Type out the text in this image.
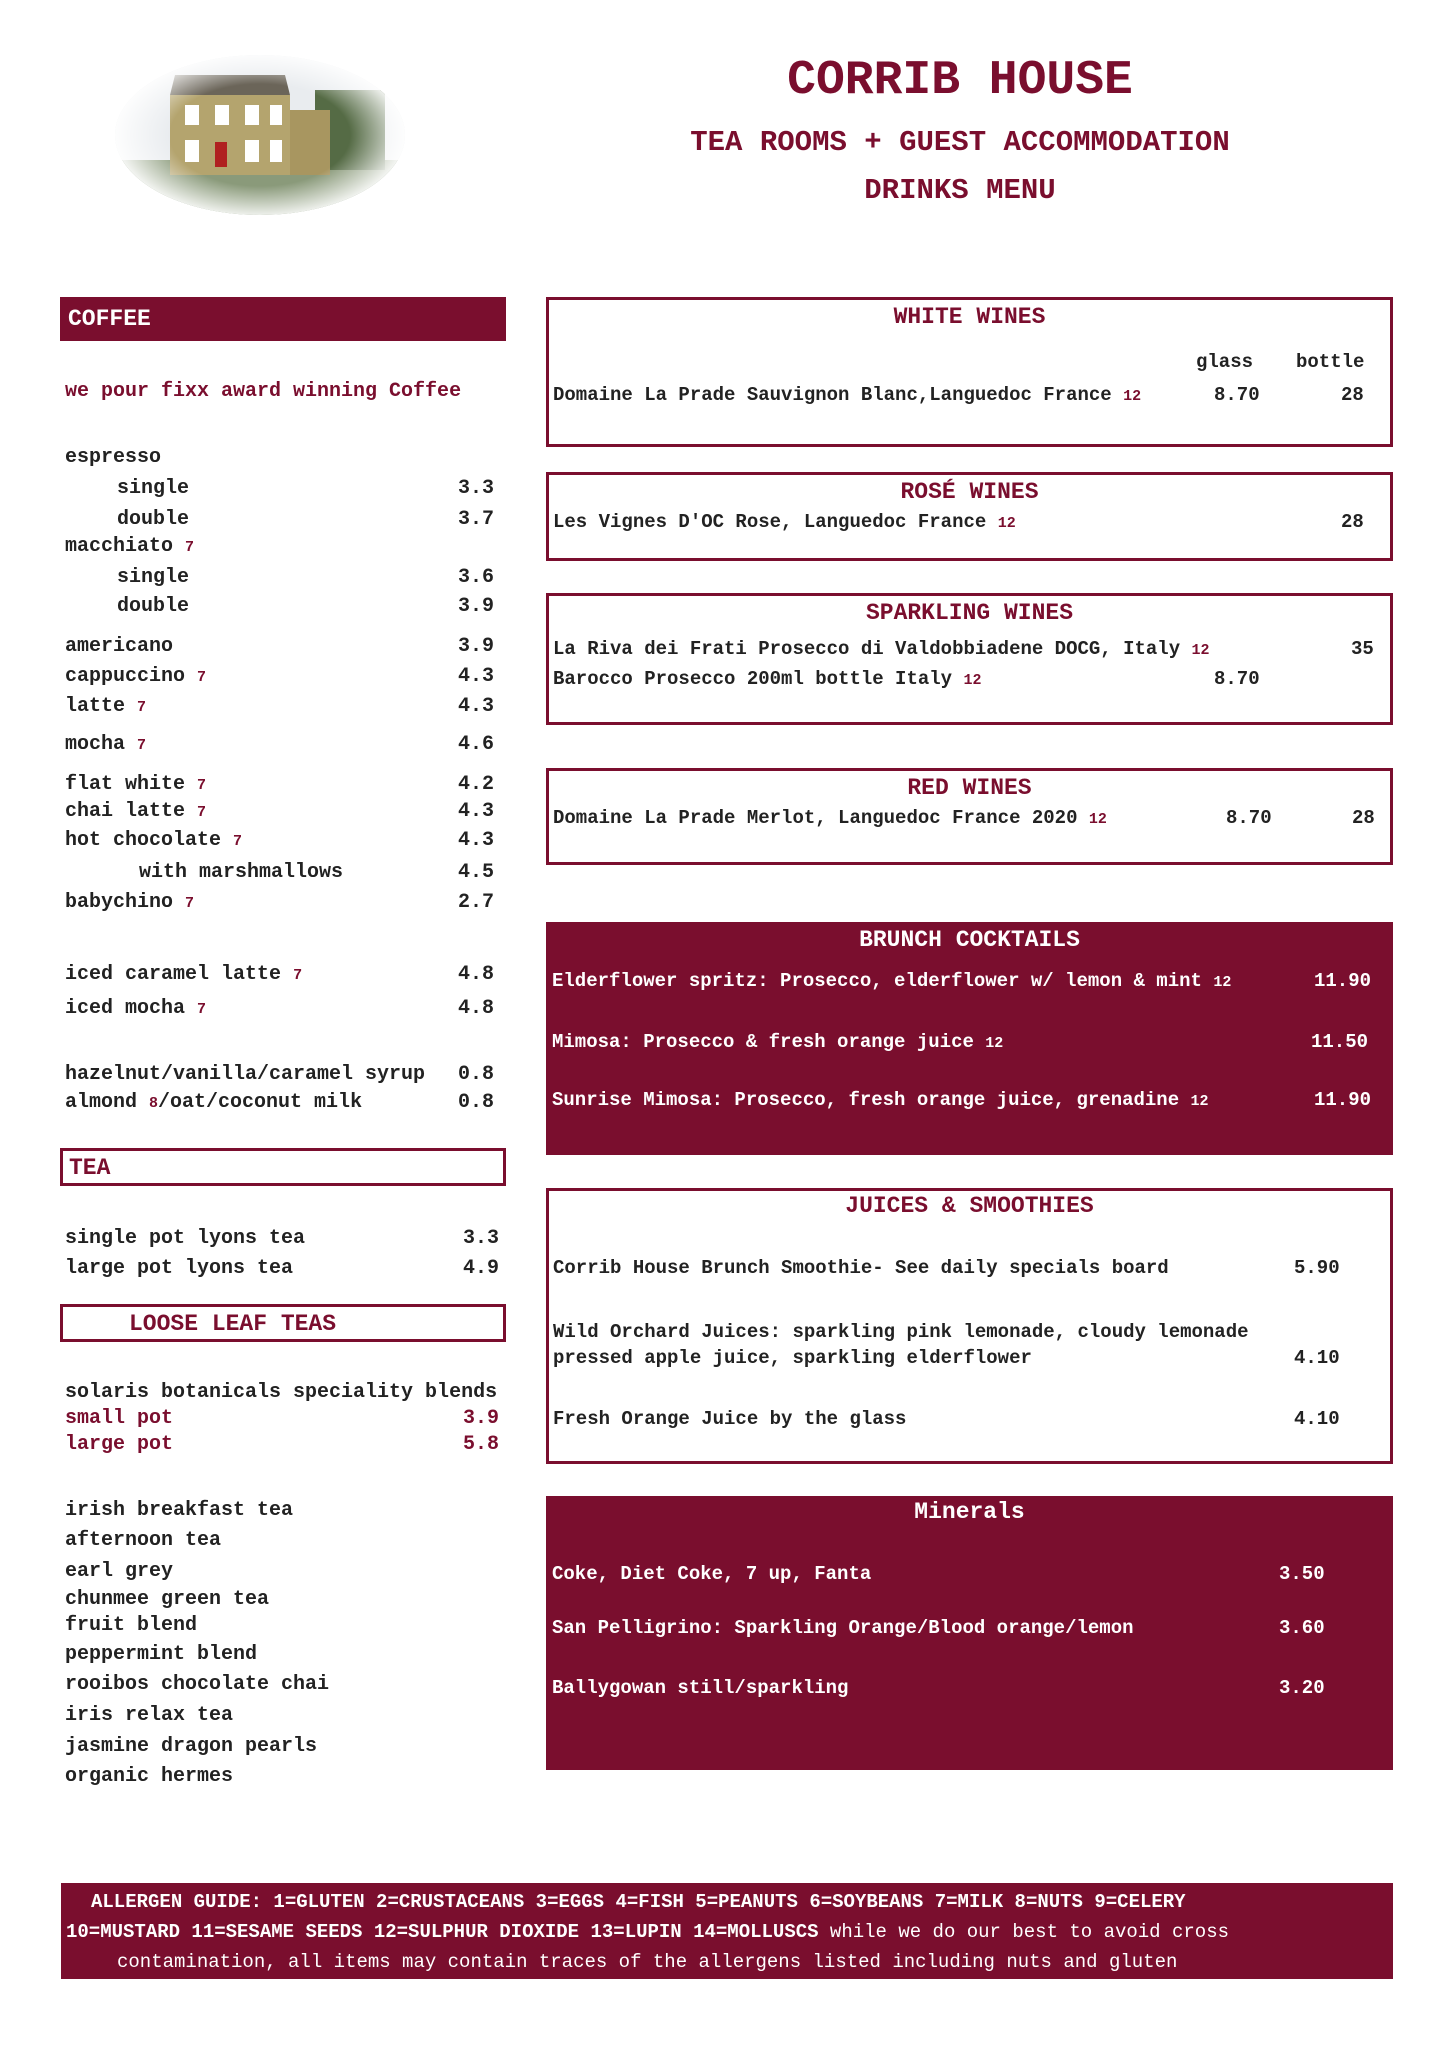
CORRIB HOUSE
TEA ROOMS + GUEST ACCOMMODATION
DRINKS MENU
COFFEE
we pour fixx award winning Coffee
espresso
single	3.3
double	3.7
macchiato 7
single	3.6
double	3.9
americano	3.9
cappuccino 7	4.3
latte 7	4.3
mocha 7	4.6
flat white 7	4.2
chai latte 7	4.3
hot chocolate 7	4.3
with marshmallows	4.5
babychino 7	2.7
iced caramel latte 7	4.8
iced mocha 7	4.8
hazelnut/vanilla/caramel syrup 0.8
almond 8/oat/coconut milk	0.8
TEA
single pot lyons tea	3.3
large pot lyons tea	4.9
LOOSE LEAF TEAS
solaris botanicals speciality blends
small pot	3.9
large pot	5.8
irish breakfast tea
afternoon tea
earl grey
chunmee green tea
fruit blend
peppermint blend
rooibos chocolate chai
iris relax tea
jasmine dragon pearls
organic hermes
WHITE WINES
glass bottle
Domaine La Prade Sauvignon Blanc,Languedoc France 12	8.70	28
ROSÉ WINES
Les Vignes D'OC Rose, Languedoc France 12	28
SPARKLING WINES
La Riva dei Frati Prosecco di Valdobbiadene DOCG, Italy 12	35
Barocco Prosecco 200ml bottle Italy 12	8.70
RED WINES
Domaine La Prade Merlot, Languedoc France 2020 12	8.70	28
BRUNCH COCKTAILS
Elderflower spritz: Prosecco, elderflower w/ lemon & mint 12	11.90
Mimosa: Prosecco & fresh orange juice 12	11.50
Sunrise Mimosa: Prosecco, fresh orange juice, grenadine 12	11.90
JUICES & SMOOTHIES
Corrib House Brunch Smoothie- See daily specials board	5.90
Wild Orchard Juices: sparkling pink lemonade, cloudy lemonade
pressed apple juice, sparkling elderflower	4.10
Fresh Orange Juice by the glass	4.10
Minerals
Coke, Diet Coke, 7 up, Fanta	3.50
San Pelligrino: Sparkling Orange/Blood orange/lemon	3.60
Ballygowan still/sparkling	3.20
ALLERGEN GUIDE: 1=GLUTEN 2=CRUSTACEANS 3=EGGS 4=FISH 5=PEANUTS 6=SOYBEANS 7=MILK 8=NUTS 9=CELERY
10=MUSTARD 11=SESAME SEEDS 12=SULPHUR DIOXIDE 13=LUPIN 14=MOLLUSCS while we do our best to avoid cross
contamination, all items may contain traces of the allergens listed including nuts and gluten
